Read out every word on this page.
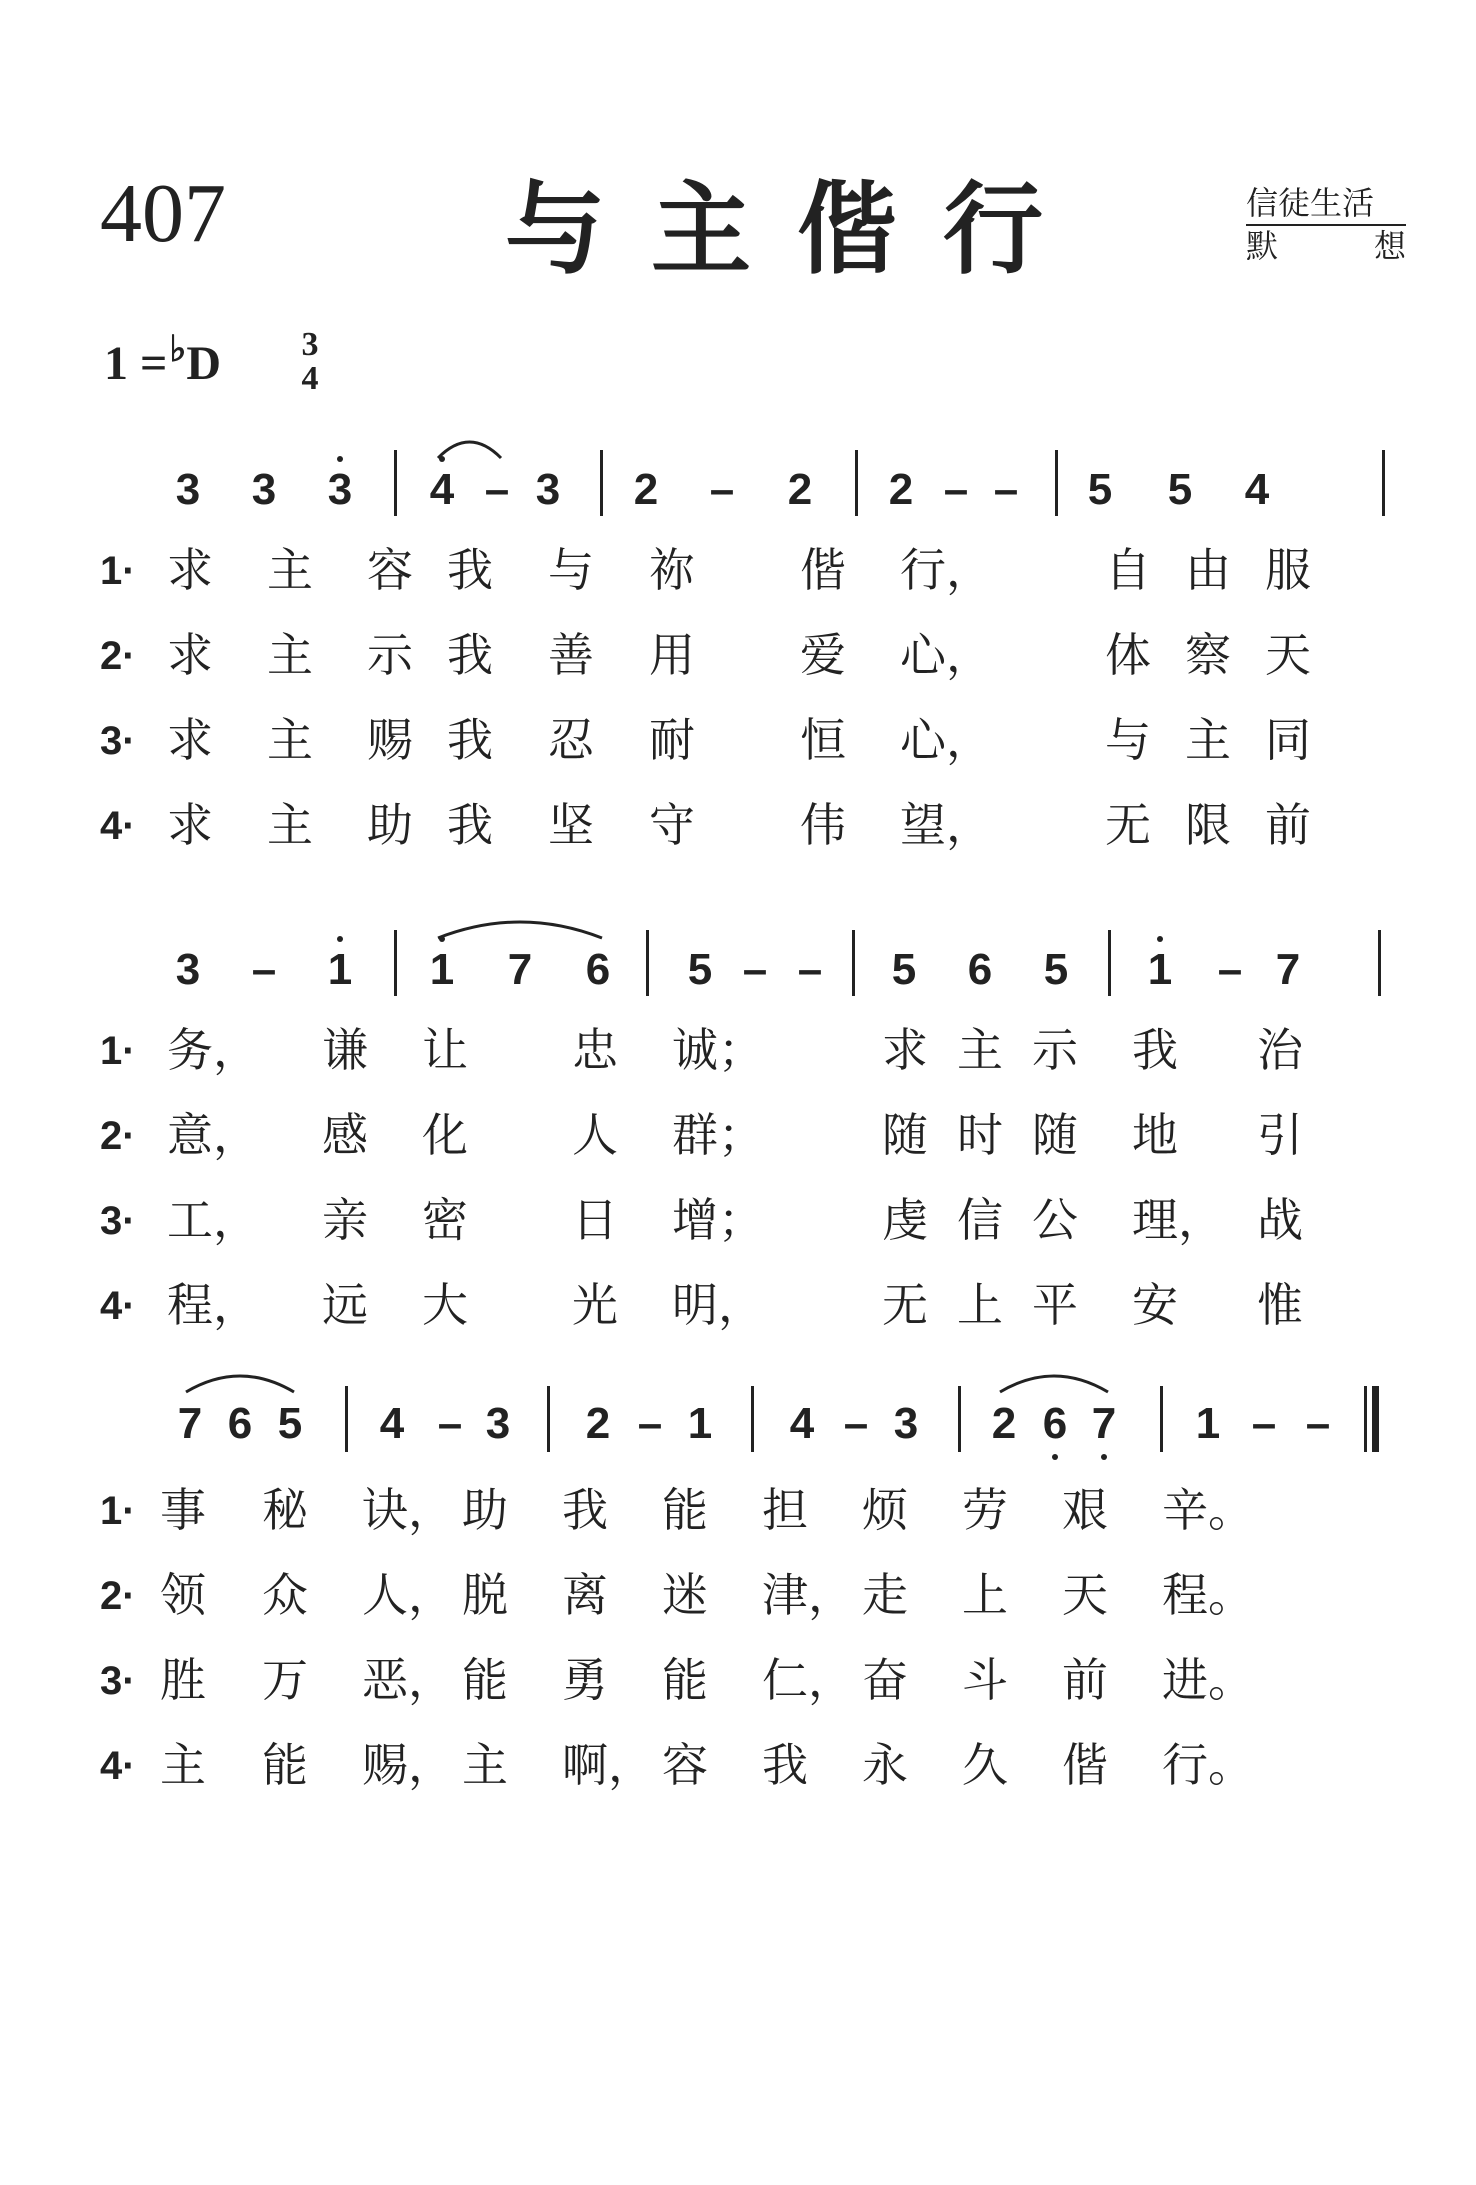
407	与主偕行	信徒生活
默	想
1 =♭D 3
4
3 3 3 4 – 3 2 – 2 2 – – 5 5 4
1· 求 主 容 我 与 祢 偕 行， 自 由 服
2· 求 主 示 我 善 用 爱 心， 体 察 天
3· 求 主 赐 我 忍 耐 恒 心， 与 主 同
4· 求 主 助 我 坚 守 伟 望， 无 限 前
3 – 1 1 7 6 5 – – 5 6 5 1 – 7
1· 务， 谦 让 忠 诚；	求 主 示 我 治
2· 意， 感 化 人 群；	随 时 随 地 引
3· 工， 亲 密 日 增；	虔 信 公 理， 战
4· 程， 远 大 光 明，	无 上 平 安 惟
7 6 5 4 – 3 2 – 1 4 – 3 2 6 7 1 – –
1· 事 秘 诀， 助 我 能 担 烦 劳 艰 辛。
2· 领 众 人， 脱 离 迷 津， 走 上 天 程。
3· 胜 万 恶， 能 勇 能 仁， 奋 斗 前 进。
4· 主 能 赐， 主 啊， 容 我 永 久 偕 行。
